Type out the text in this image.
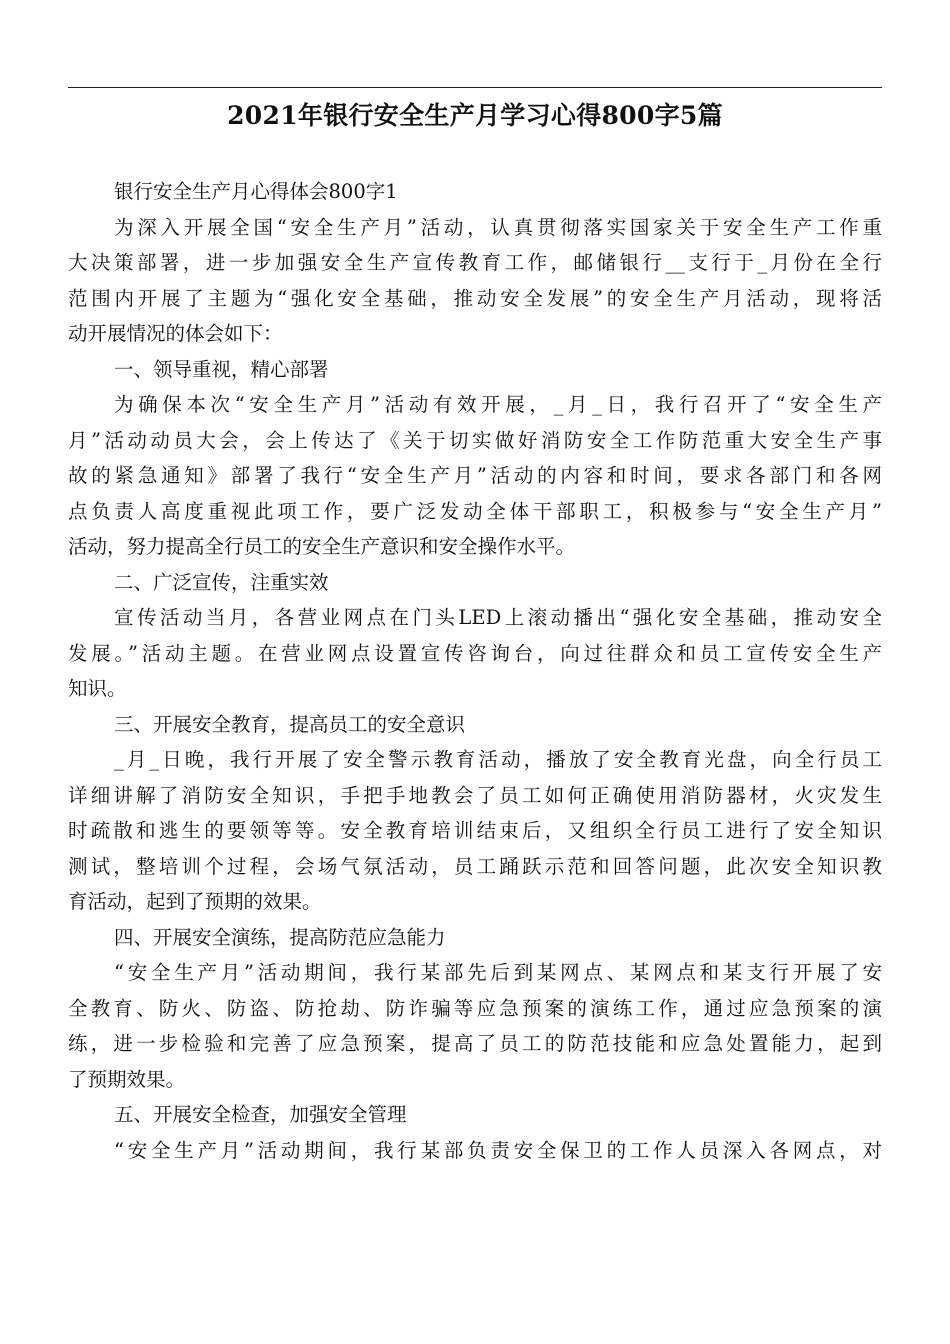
2021年银行安全生产月学习心得800字5篇
银行安全生产月心得体会800字1
为深入开展全国“安全生产月”活动，认真贯彻落实国家关于安全生产工作重
大决策部署，进一步加强安全生产宣传教育工作，邮储银行__支行于_月份在全行
范围内开展了主题为“强化安全基础，推动安全发展”的安全生产月活动，现将活
动开展情况的体会如下：
一、领导重视，精心部署
为确保本次“安全生产月”活动有效开展，_月_日，我行召开了“安全生产
月”活动动员大会，会上传达了《关于切实做好消防安全工作防范重大安全生产事
故的紧急通知》部署了我行“安全生产月”活动的内容和时间，要求各部门和各网
点负责人高度重视此项工作，要广泛发动全体干部职工，积极参与“安全生产月”
活动，努力提高全行员工的安全生产意识和安全操作水平。
二、广泛宣传，注重实效
宣传活动当月，各营业网点在门头LED上滚动播出“强化安全基础，推动安全
发展。”活动主题。在营业网点设置宣传咨询台，向过往群众和员工宣传安全生产
知识。
三、开展安全教育，提高员工的安全意识
_月_日晚，我行开展了安全警示教育活动，播放了安全教育光盘，向全行员工
详细讲解了消防安全知识，手把手地教会了员工如何正确使用消防器材，火灾发生
时疏散和逃生的要领等等。安全教育培训结束后，又组织全行员工进行了安全知识
测试，整培训个过程，会场气氛活动，员工踊跃示范和回答问题，此次安全知识教
育活动，起到了预期的效果。
四、开展安全演练，提高防范应急能力
“安全生产月”活动期间，我行某部先后到某网点、某网点和某支行开展了安
全教育、防火、防盗、防抢劫、防诈骗等应急预案的演练工作，通过应急预案的演
练，进一步检验和完善了应急预案，提高了员工的防范技能和应急处置能力，起到
了预期效果。
五、开展安全检查，加强安全管理
“安全生产月”活动期间，我行某部负责安全保卫的工作人员深入各网点，对
